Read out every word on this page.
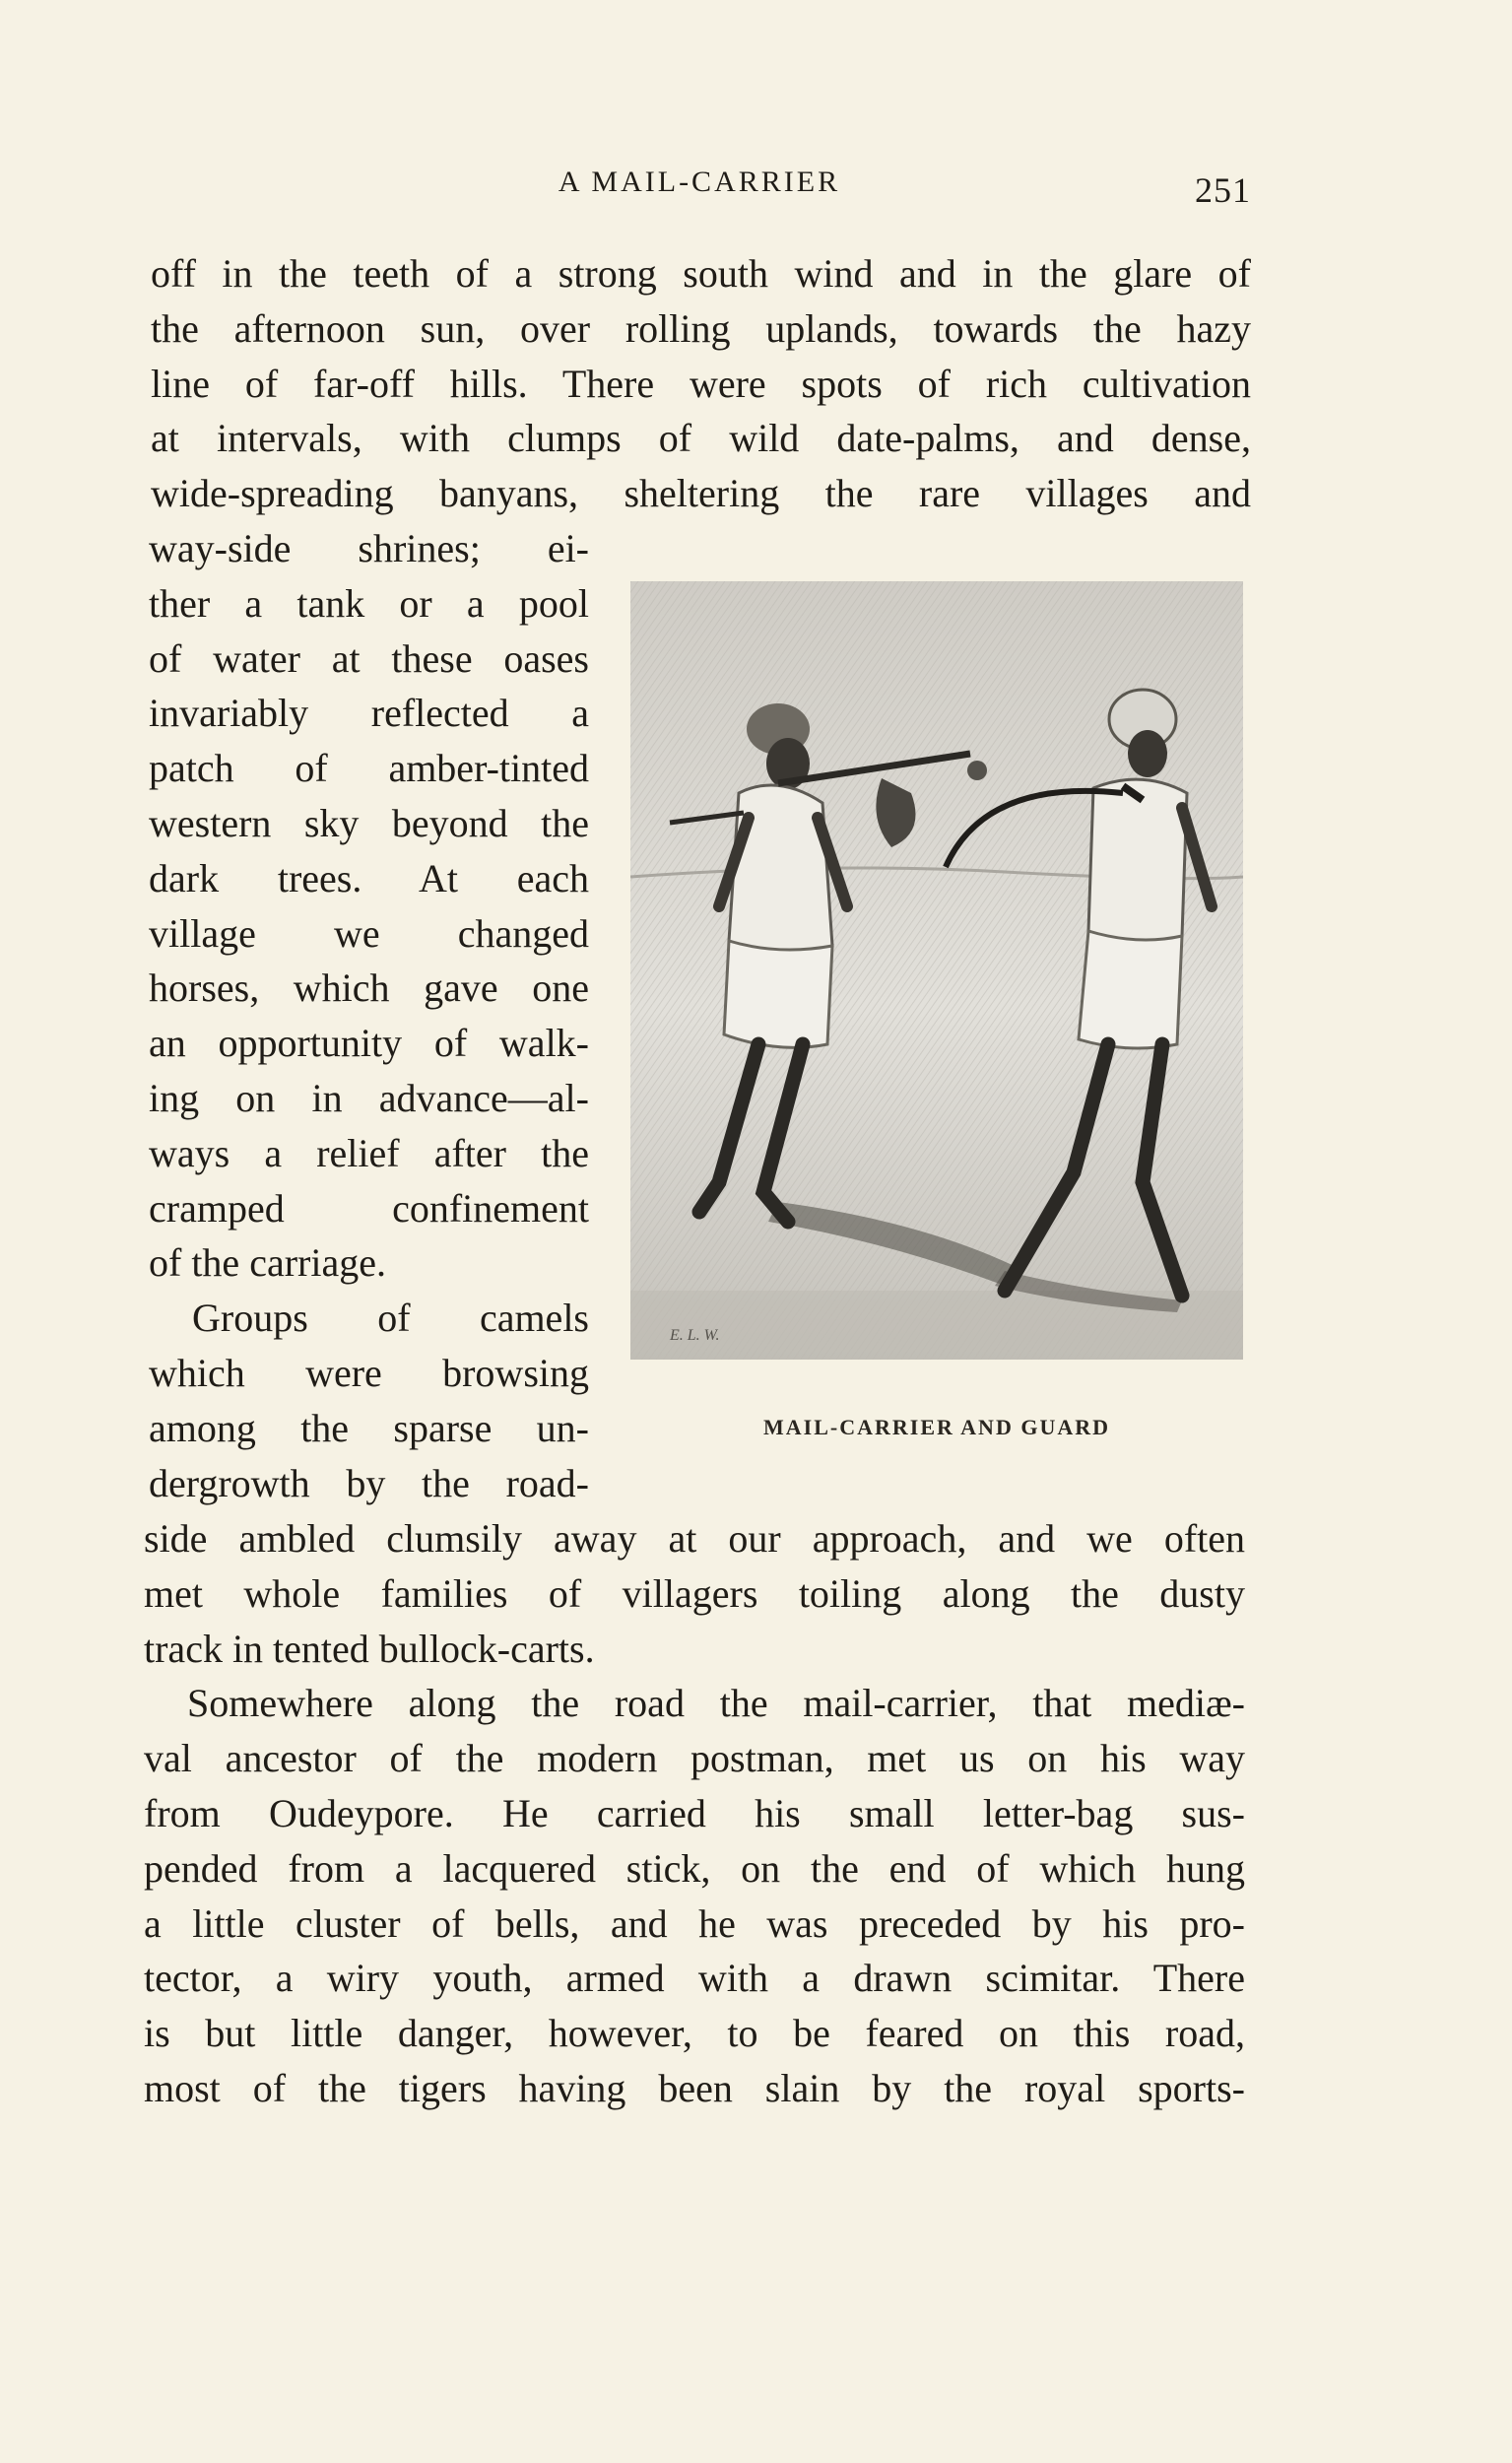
A MAIL-CARRIER	251
off in the teeth of a strong south wind and in the glare of
the afternoon sun, over rolling uplands, towards the hazy
line of far-off hills. There were spots of rich cultivation
at intervals, with clumps of wild date-palms, and dense,
wide-spreading banyans, sheltering the rare villages and
way-side shrines; ei-
ther a tank or a pool
of water at these oases
invariably reflected a
patch of amber-tinted
western sky beyond the
dark trees. At each
village we changed
horses, which gave one
an opportunity of walk-
ing on in advance—al-
ways a relief after the
cramped confinement
of the carriage.
Groups of camels
which were browsing
among the sparse un-
dergrowth by the road-
E. L. W.
MAIL-CARRIER AND GUARD
side ambled clumsily away at our approach, and we often
met whole families of villagers toiling along the dusty
track in tented bullock-carts.
Somewhere along the road the mail-carrier, that mediæ-
val ancestor of the modern postman, met us on his way
from Oudeypore. He carried his small letter-bag sus-
pended from a lacquered stick, on the end of which hung
a little cluster of bells, and he was preceded by his pro-
tector, a wiry youth, armed with a drawn scimitar. There
is but little danger, however, to be feared on this road,
most of the tigers having been slain by the royal sports-
